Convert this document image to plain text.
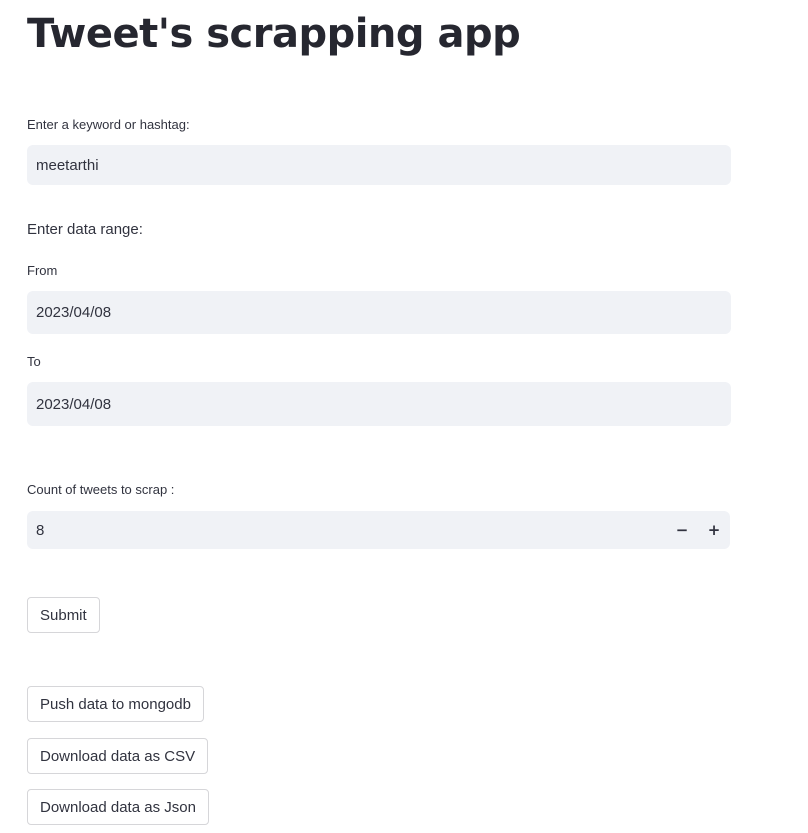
Tweet's scrapping app
Enter a keyword or hashtag:
meetarthi
Enter data range:
From
2023/04/08
To
2023/04/08
Count of tweets to scrap :
8
− +
Submit
Push data to mongodb
Download data as CSV
Download data as Json
